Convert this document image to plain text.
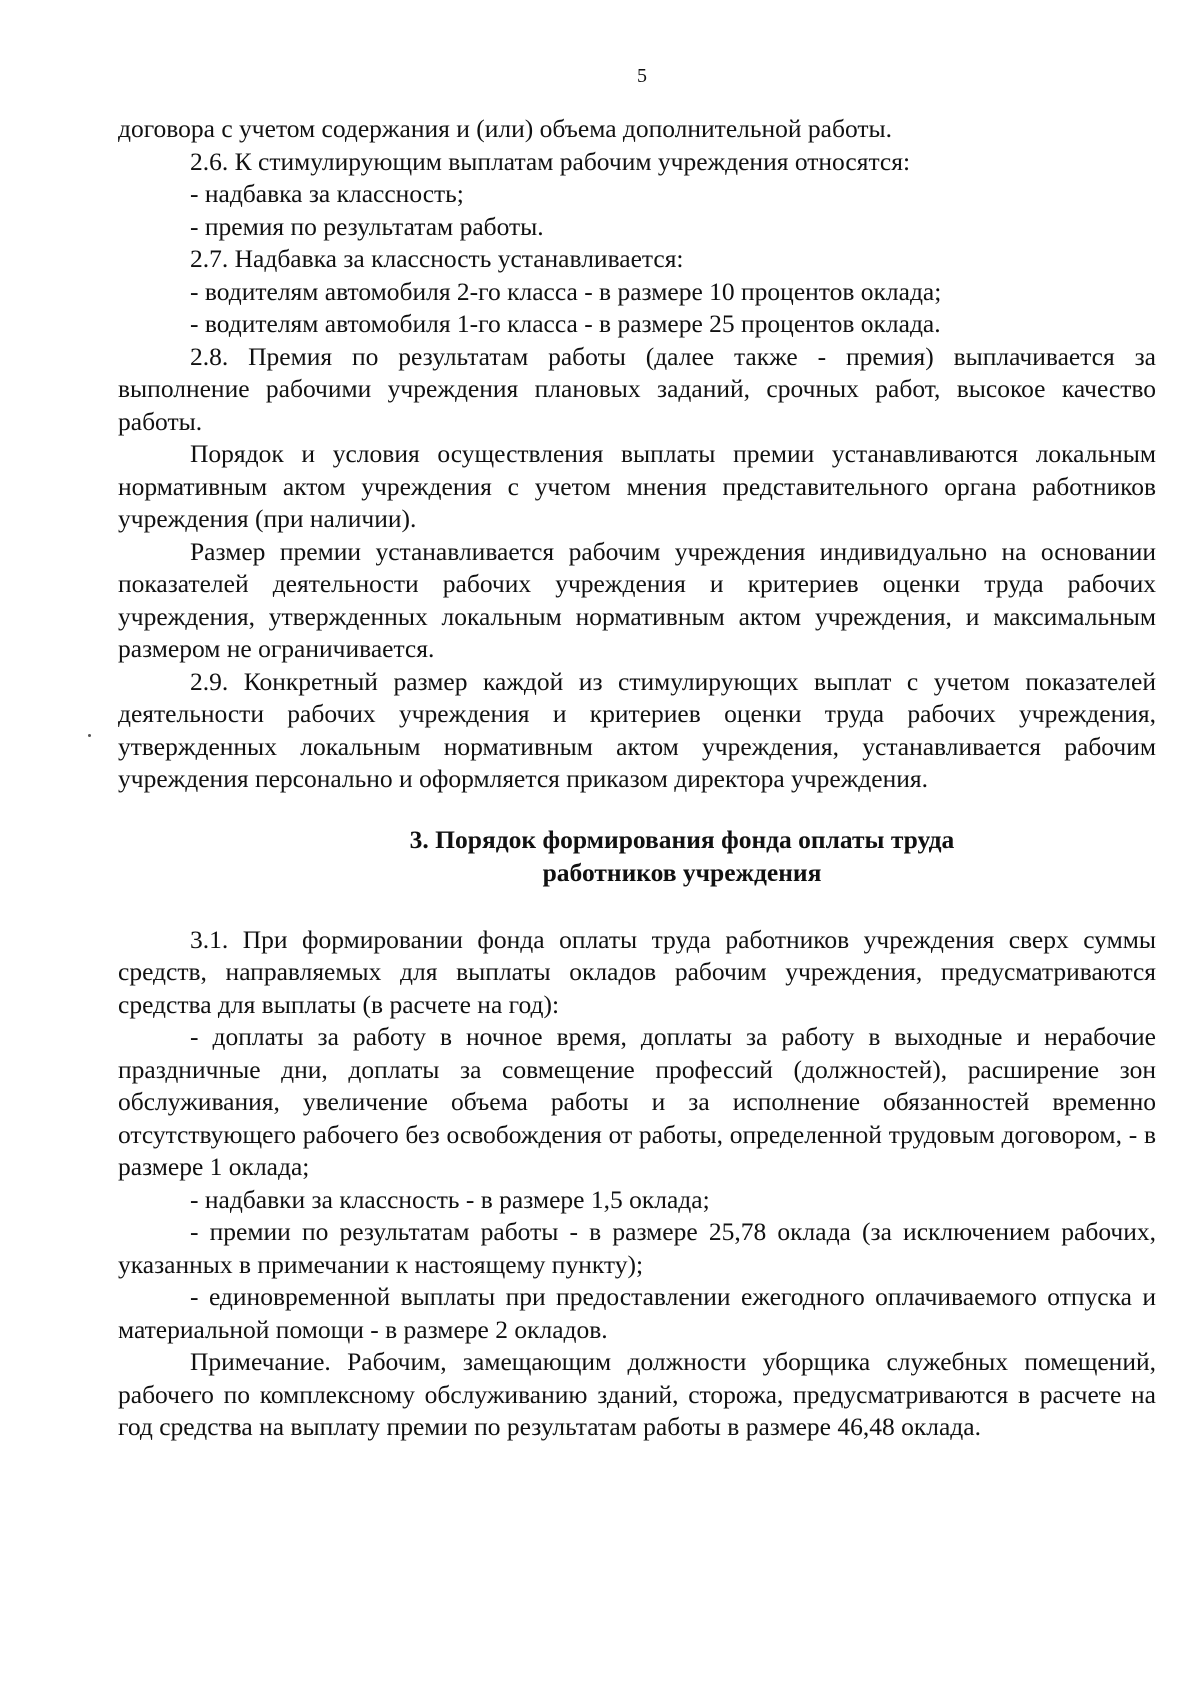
5

договора с учетом содержания и (или) объема дополнительной работы.

2.6. К стимулирующим выплатам рабочим учреждения относятся:

- надбавка за классность;

- премия по результатам работы.

2.7. Надбавка за классность устанавливается:

- водителям автомобиля 2-го класса - в размере 10 процентов оклада;

- водителям автомобиля 1-го класса - в размере 25 процентов оклада.

2.8. Премия по результатам работы (далее также - премия) выплачивается за выполнение рабочими учреждения плановых заданий, срочных работ, высокое качество работы.

Порядок и условия осуществления выплаты премии устанавливаются локальным нормативным актом учреждения с учетом мнения представительного органа работников учреждения (при наличии).

Размер премии устанавливается рабочим учреждения индивидуально на основании показателей деятельности рабочих учреждения и критериев оценки труда рабочих учреждения, утвержденных локальным нормативным актом учреждения, и максимальным размером не ограничивается.

2.9. Конкретный размер каждой из стимулирующих выплат с учетом показателей деятельности рабочих учреждения и критериев оценки труда рабочих учреждения, утвержденных локальным нормативным актом учреждения, устанавливается рабочим учреждения персонально и оформляется приказом директора учреждения.

3. Порядок формирования фонда оплаты труда

работников учреждения

3.1. При формировании фонда оплаты труда работников учреждения сверх суммы средств, направляемых для выплаты окладов рабочим учреждения, предусматриваются средства для выплаты (в расчете на год):

- доплаты за работу в ночное время, доплаты за работу в выходные и нерабочие праздничные дни, доплаты за совмещение профессий (должностей), расширение зон обслуживания, увеличение объема работы и за исполнение обязанностей временно отсутствующего рабочего без освобождения от работы, определенной трудовым договором, - в размере 1 оклада;

- надбавки за классность - в размере 1,5 оклада;

- премии по результатам работы - в размере 25,78 оклада (за исключением рабочих, указанных в примечании к настоящему пункту);

- единовременной выплаты при предоставлении ежегодного оплачиваемого отпуска и материальной помощи - в размере 2 окладов.

Примечание. Рабочим, замещающим должности уборщика служебных помещений, рабочего по комплексному обслуживанию зданий, сторожа, предусматриваются в расчете на год средства на выплату премии по результатам работы в размере 46,48 оклада.
